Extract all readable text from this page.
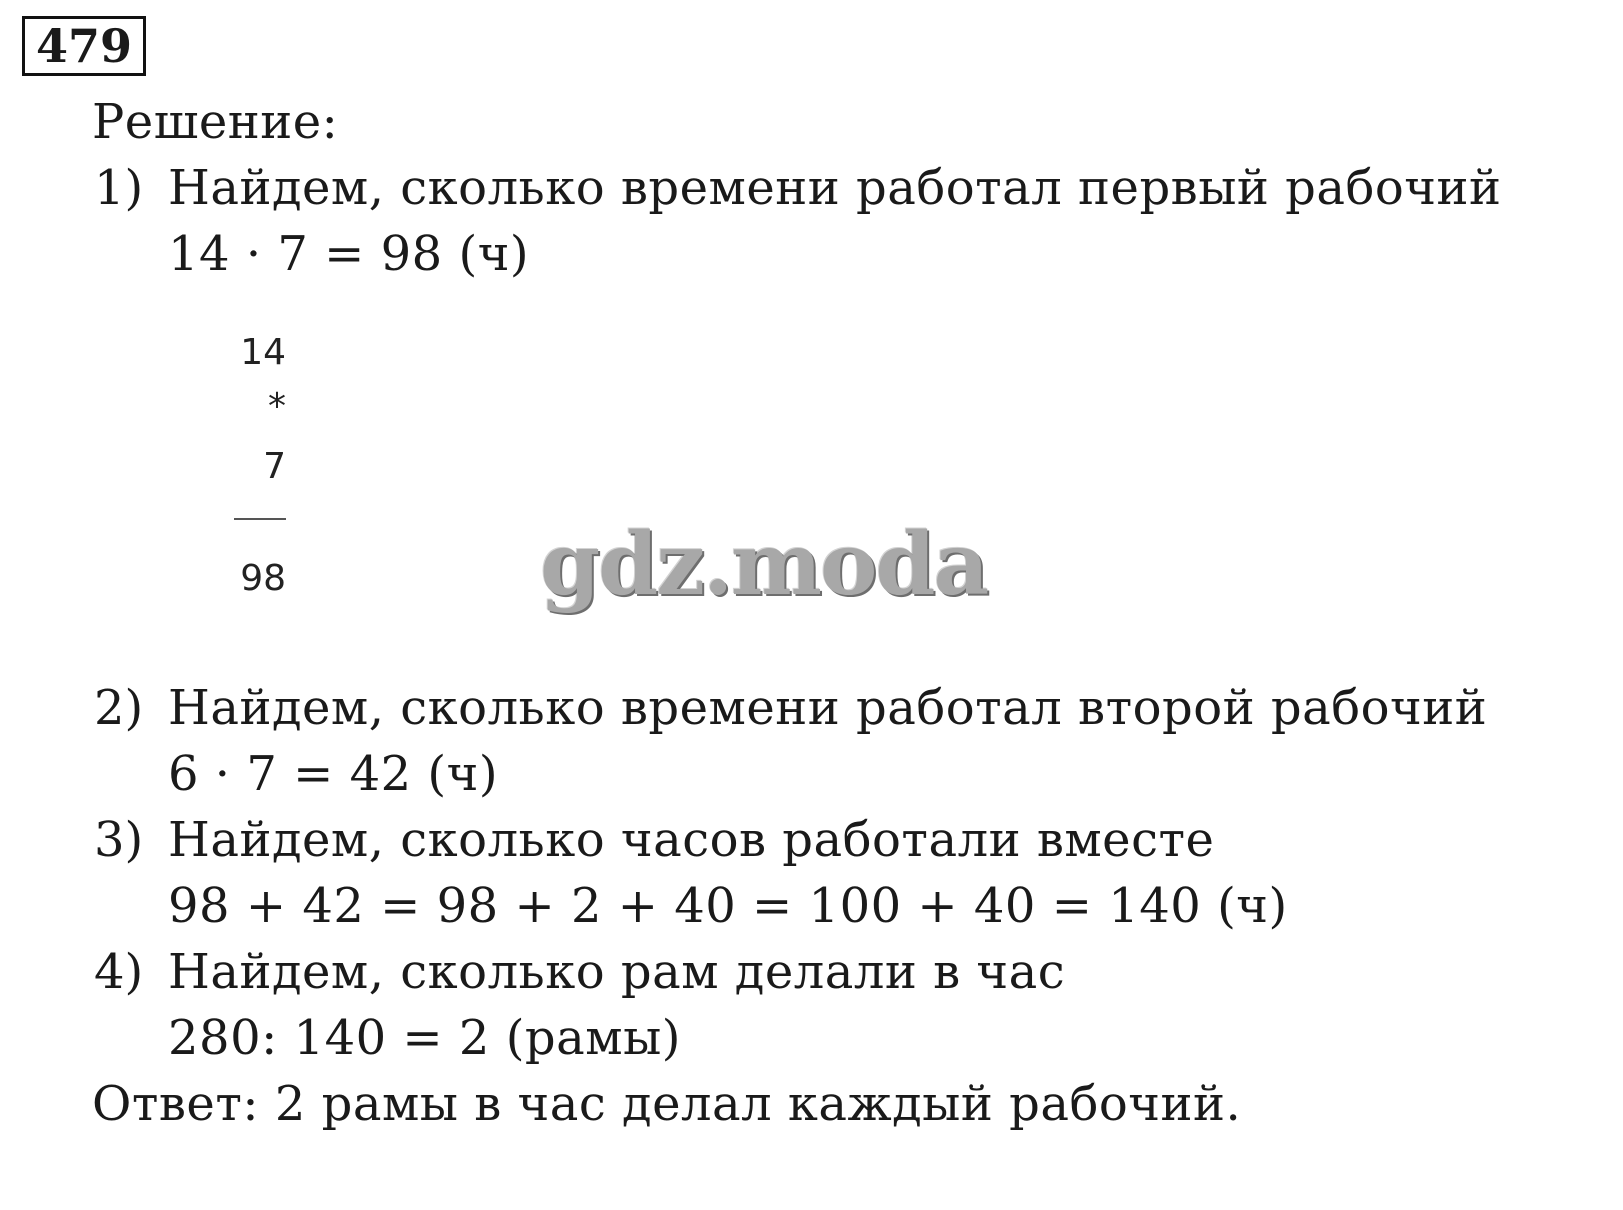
479
Решение:
1) Найдем, сколько времени работал первый рабочий
14 · 7 = 98 (ч)
14
*
7
98	gdz.moda
2) Найдем, сколько времени работал второй рабочий
6 · 7 = 42 (ч)
3) Найдем, сколько часов работали вместе
98 + 42 = 98 + 2 + 40 = 100 + 40 = 140 (ч)
4) Найдем, сколько рам делали в час
280: 140 = 2 (рамы)
Ответ: 2 рамы в час делал каждый рабочий.
